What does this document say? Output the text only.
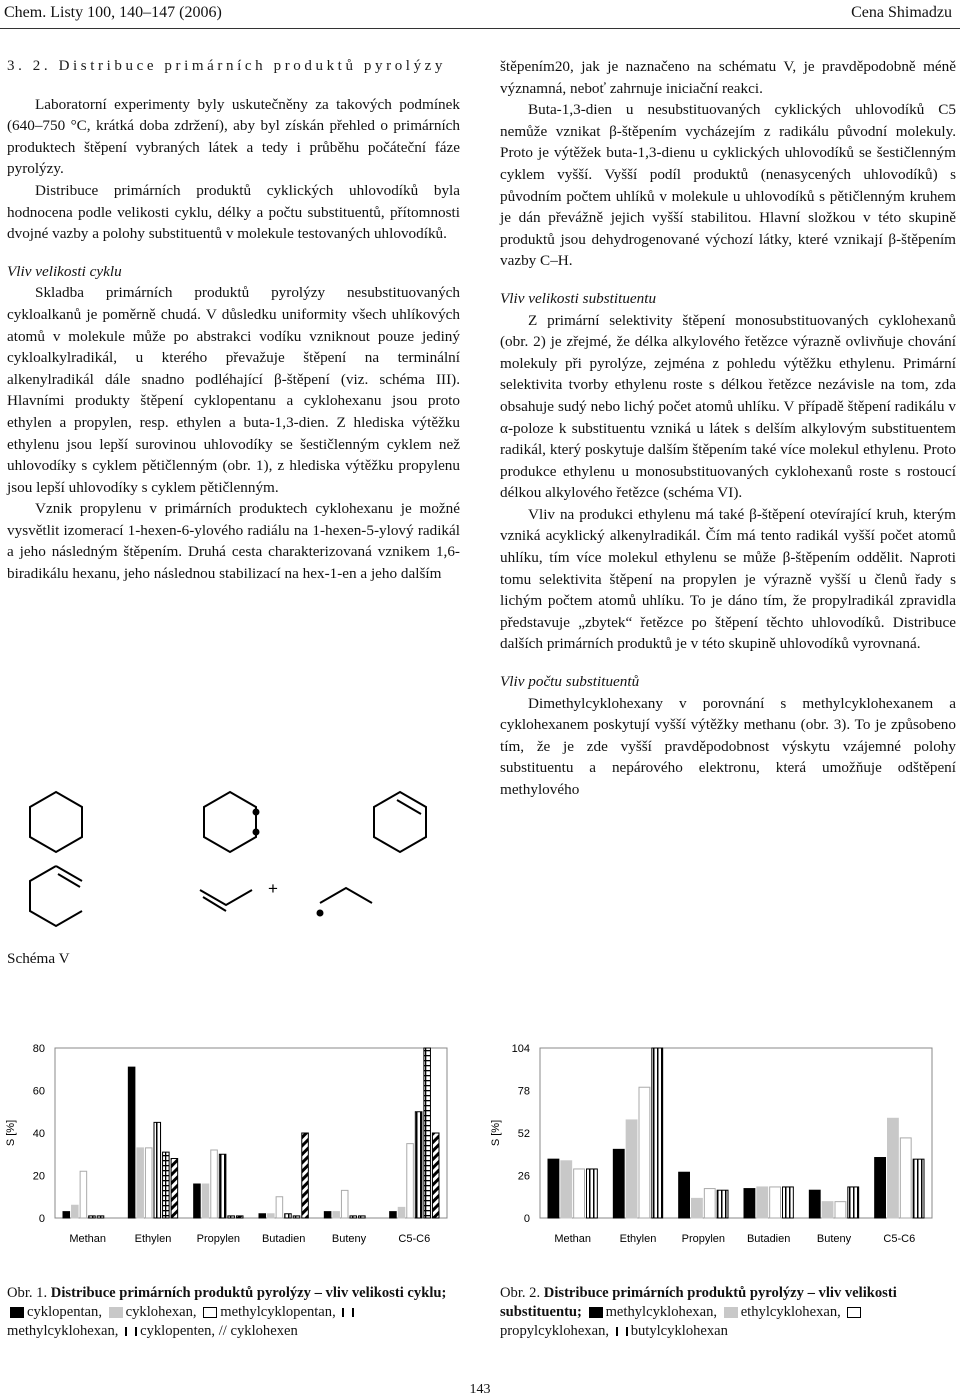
Chem. Listy 100, 140–147 (2006)	Cena Shimadzu

3. 2. Distribuce primárních produktů pyrolýzy

Laboratorní experimenty byly uskutečněny za takových podmínek (640–750 °C, krátká doba zdržení), aby byl získán přehled o primárních produktech štěpení vybraných látek a tedy i průběhu počáteční fáze pyrolýzy.

Distribuce primárních produktů cyklických uhlovodíků byla hodnocena podle velikosti cyklu, délky a počtu substituentů, přítomnosti dvojné vazby a polohy substituentů v molekule testovaných uhlovodíků.

Vliv velikosti cyklu

Skladba primárních produktů pyrolýzy nesubstituovaných cykloalkanů je poměrně chudá. V důsledku uniformity všech uhlíkových atomů v molekule může po abstrakci vodíku vzniknout pouze jediný cykloalkylradikál, u kterého převažuje štěpení na terminální alkenylradikál dále snadno podléhající β-štěpení (viz. schéma III). Hlavními produkty štěpení cyklopentanu a cyklohexanu jsou proto ethylen a propylen, resp. ethylen a buta-1,3-dien. Z hlediska výtěžku ethylenu jsou lepší surovinou uhlovodíky se šestičlenným cyklem než uhlovodíky s cyklem pětičlenným (obr. 1), z hlediska výtěžku propylenu jsou lepší uhlovodíky s cyklem pětičlenným.

Vznik propylenu v primárních produktech cyklohexanu je možné vysvětlit izomerací 1-hexen-6-ylového radiálu na 1-hexen-5-ylový radikál a jeho následným štěpením. Druhá cesta charakterizovaná vznikem 1,6-biradikálu hexanu, jeho následnou stabilizací na hex-1-en a jeho dalším

štěpením20, jak je naznačeno na schématu V, je pravděpodobně méně významná, neboť zahrnuje iniciační reakci.

Buta-1,3-dien u nesubstituovaných cyklických uhlovodíků C5 nemůže vznikat β-štěpením vycházejím z radikálu původní molekuly. Proto je výtěžek buta-1,3-dienu u cyklických uhlovodíků se šestičlenným cyklem vyšší. Vyšší podíl produktů (nenasycených uhlovodíků) s původním počtem uhlíků v molekule u uhlovodíků s pětičlenným kruhem je dán převážně jejich vyšší stabilitou. Hlavní složkou v této skupině produktů jsou dehydrogenované výchozí látky, které vznikají β-štěpením vazby C–H.

Vliv velikosti substituentu

Z primární selektivity štěpení monosubstituovaných cyklohexanů (obr. 2) je zřejmé, že délka alkylového řetězce výrazně ovlivňuje chování molekuly při pyrolýze, zejména z pohledu výtěžku ethylenu. Primární selektivita tvorby ethylenu roste s délkou řetězce nezávisle na tom, zda obsahuje sudý nebo lichý počet atomů uhlíku. V případě štěpení radikálu v α-poloze k substituentu vzniká u látek s delším alkylovým substituentem radikál, který poskytuje dalším štěpením také více molekul ethylenu. Proto produkce ethylenu u monosubstituovaných cyklohexanů roste s rostoucí délkou alkylového řetězce (schéma VI).

Vliv na produkci ethylenu má také β-štěpení otevírající kruh, kterým vzniká acyklický alkenylradikál. Čím má tento radikál vyšší počet atomů uhlíku, tím více molekul ethylenu se může β-štěpením oddělit. Naproti tomu selektivita štěpení na propylen je výrazně vyšší u členů řady s lichým počtem atomů uhlíku. To je dáno tím, že propylradikál zpravidla představuje „zbytek“ řetězce po štěpení těchto uhlovodíků. Distribuce dalších primárních produktů je v této skupině uhlovodíků vyrovnaná.

Vliv počtu substituentů

Dimethylcyklohexany v porovnání s methylcyklohexanem a cyklohexanem poskytují vyšší výtěžky methanu (obr. 3). To je způsobeno tím, že je zde vyšší pravděpodobnost výskytu vzájemné polohy substituentu a nepárového elektronu, která umožňuje odštěpení methylového

+
Schéma V
0
20
40
60
80
S [%]
Methan	Ethylen Propylen Butadien Buteny	C5-C6
0
26
52
78
104
S [%]
Methan	Ethylen Propylen Butadien Buteny	C5-C6
Obr. 1. Distribuce primárních produktů pyrolýzy – vliv velikosti cyklu; cyklopentan, cyklohexan, methylcyklopentan, methylcyklohexan, cyklopenten, // cyklohexen
Obr. 2. Distribuce primárních produktů pyrolýzy – vliv velikosti substituentu; methylcyklohexan, ethylcyklohexan, propylcyklohexan, butylcyklohexan
143
